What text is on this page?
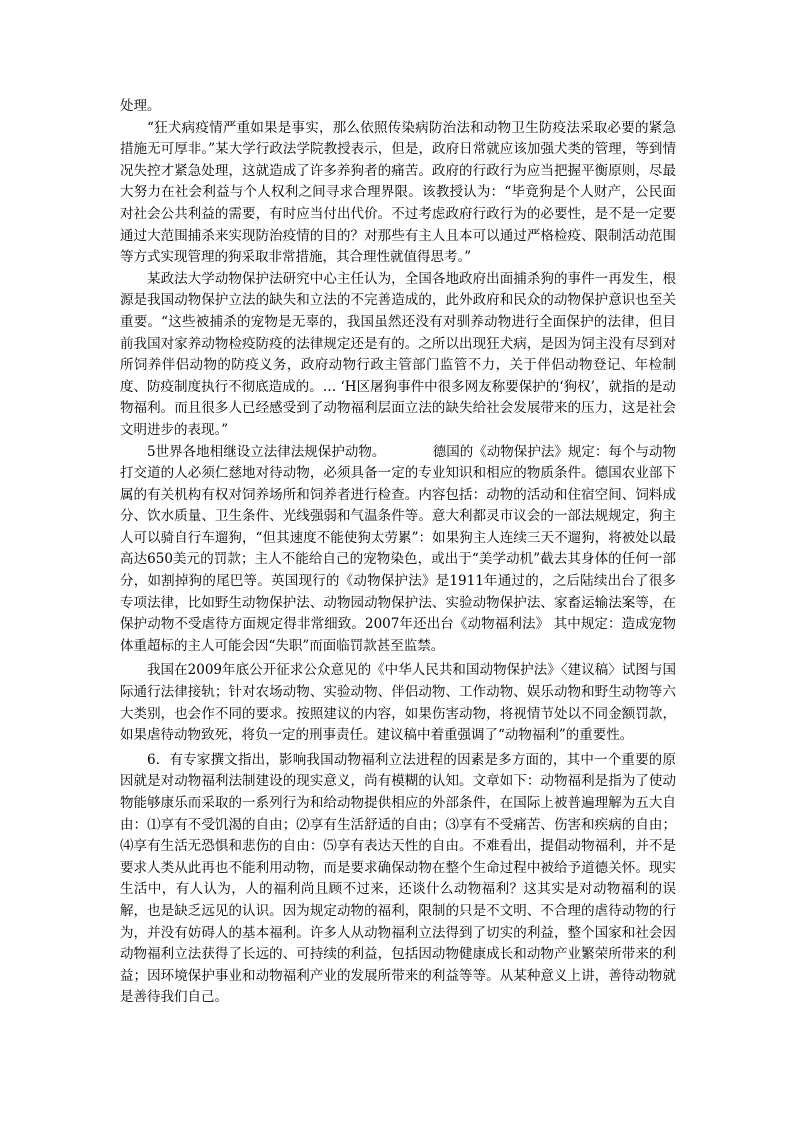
处理。

“狂犬病疫情严重如果是事实，那么依照传染病防治法和动物卫生防疫法采取必要的紧急措施无可厚非。”某大学行政法学院教授表示，但是，政府日常就应该加强犬类的管理，等到情况失控才紧急处理，这就造成了许多养狗者的痛苦。政府的行政行为应当把握平衡原则，尽最大努力在社会利益与个人权利之间寻求合理界限。该教授认为：“毕竟狗是个人财产，公民面对社会公共利益的需要，有时应当付出代价。不过考虑政府行政行为的必要性，是不是一定要通过大范围捕杀来实现防治疫情的目的？对那些有主人且本可以通过严格检疫、限制活动范围等方式实现管理的狗采取非常措施，其合理性就值得思考。”

某政法大学动物保护法研究中心主任认为，全国各地政府出面捕杀狗的事件一再发生，根源是我国动物保护立法的缺失和立法的不完善造成的，此外政府和民众的动物保护意识也至关重要。“这些被捕杀的宠物是无辜的，我国虽然还没有对驯养动物进行全面保护的法律，但目前我国对家养动物检疫防疫的法律规定还是有的。之所以出现狂犬病，是因为饲主没有尽到对所饲养伴侣动物的防疫义务，政府动物行政主管部门监管不力，关于伴侣动物登记、年检制度、防疫制度执行不彻底造成的。… ‘H区屠狗事件中很多网友称要保护的‘狗权’，就指的是动物福利。而且很多人已经感受到了动物福利层面立法的缺失给社会发展带来的压力，这是社会文明进步的表现。”

5世界各地相继设立法律法规保护动物。　　　　德国的《动物保护法》规定：每个与动物打交道的人必须仁慈地对待动物，必须具备一定的专业知识和相应的物质条件。德国农业部下属的有关机构有权对饲养场所和饲养者进行检查。内容包括：动物的活动和住宿空间、饲料成分、饮水质量、卫生条件、光线强弱和气温条件等。意大利都灵市议会的一部法规规定，狗主人可以骑自行车遛狗，“但其速度不能使狗太劳累”：如果狗主人连续三天不遛狗，将被处以最高达650美元的罚款；主人不能给自己的宠物染色，或出于“美学动机”截去其身体的任何一部分，如割掉狗的尾巴等。英国现行的《动物保护法》是1911年通过的，之后陆续出台了很多专项法律，比如野生动物保护法、动物园动物保护法、实验动物保护法、家畜运输法案等，在保护动物不受虐待方面规定得非常细致。2007年还出台《动物福利法》 其中规定：造成宠物体重超标的主人可能会因“失职”而面临罚款甚至监禁。

我国在2009年底公开征求公众意见的《中华人民共和国动物保护法》〈建议稿〉试图与国际通行法律接轨；针对农场动物、实验动物、伴侣动物、工作动物、娱乐动物和野生动物等六大类别，也会作不同的要求。按照建议的内容，如果伤害动物，将视情节处以不同金额罚款，如果虐待动物致死，将负一定的刑事责任。建议稿中着重强调了“动物福利”的重要性。

6．有专家撰文指出，影响我国动物福利立法进程的因素是多方面的，其中一个重要的原因就是对动物福利法制建设的现实意义，尚有模糊的认知。文章如下：动物福利是指为了使动物能够康乐而采取的一系列行为和给动物提供相应的外部条件，在国际上被普遍理解为五大自由：⑴享有不受饥渴的自由；⑵享有生活舒适的自由；⑶享有不受痛苦、伤害和疾病的自由；⑷享有生活无恐惧和悲伤的自由：⑸享有表达天性的自由。不难看出，提倡动物福利，并不是要求人类从此再也不能利用动物，而是要求确保动物在整个生命过程中被给予道德关怀。现实生活中，有人认为，人的福利尚且顾不过来，还谈什么动物福利？这其实是对动物福利的误解，也是缺乏远见的认识。因为规定动物的福利，限制的只是不文明、不合理的虐待动物的行为，并没有妨碍人的基本福利。许多人从动物福利立法得到了切实的利益，整个国家和社会因动物福利立法获得了长远的、可持续的利益，包括因动物健康成长和动物产业繁荣所带来的利益；因环境保护事业和动物福利产业的发展所带来的利益等等。从某种意义上讲，善待动物就是善待我们自己。
